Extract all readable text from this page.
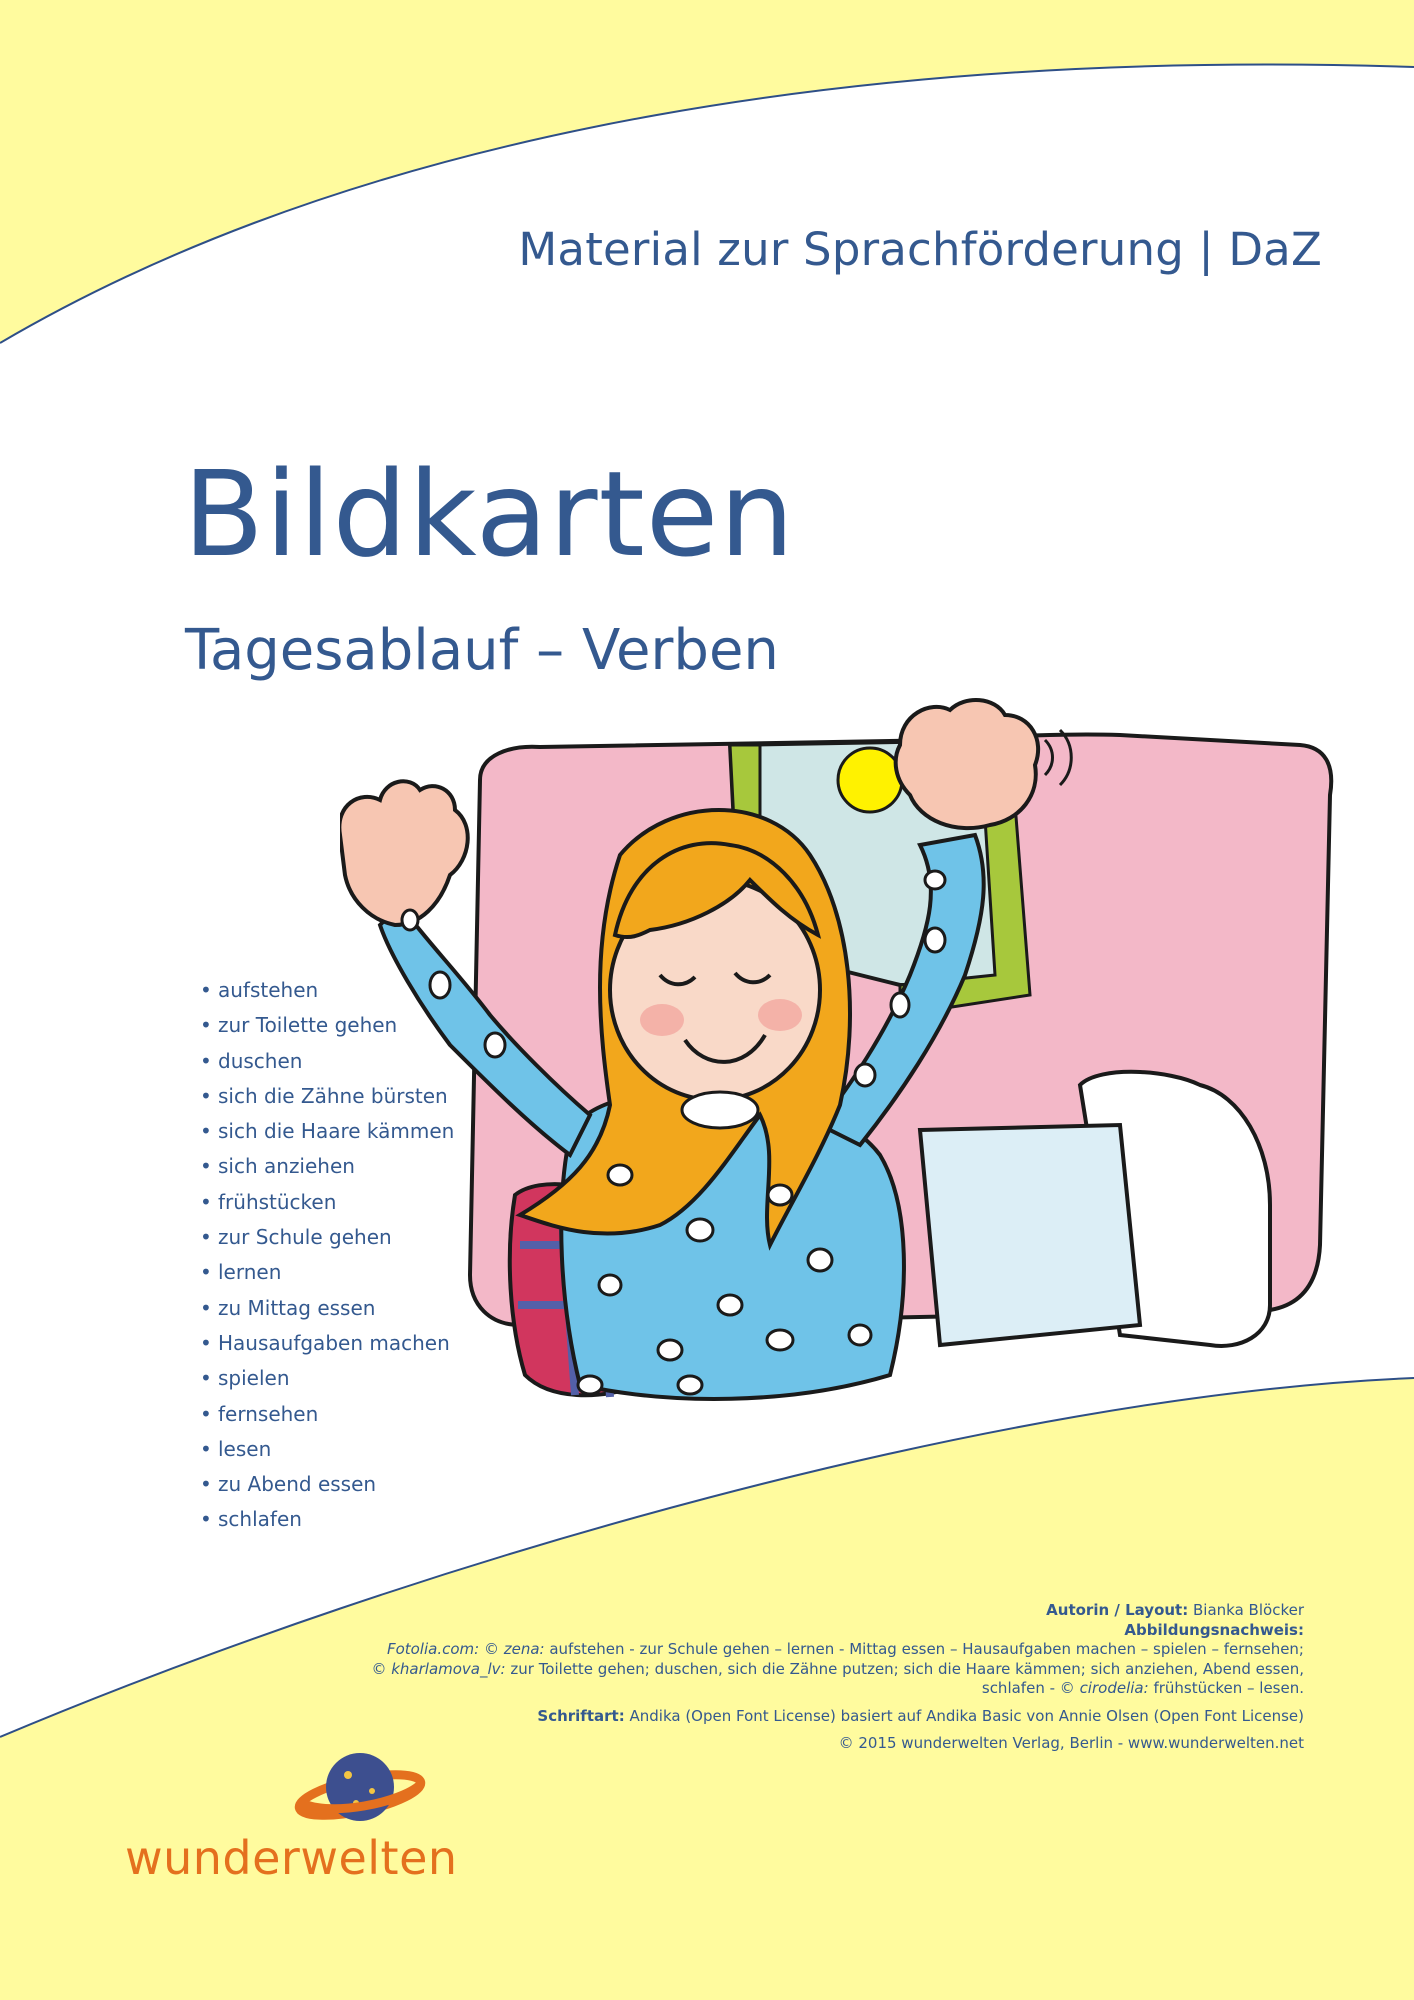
Material zur Sprachförderung | DaZ
Bildkarten
Tagesablauf – Verben
• aufstehen
• zur Toilette gehen
• duschen
• sich die Zähne bürsten
• sich die Haare kämmen
• sich anziehen
• frühstücken
• zur Schule gehen
• lernen
• zu Mittag essen
• Hausaufgaben machen
• spielen
• fernsehen
• lesen
• zu Abend essen
• schlafen

Autorin / Layout: Bianka Blöcker

Abbildungsnachweis:

Fotolia.com: © zena: aufstehen - zur Schule gehen – lernen - Mittag essen – Hausaufgaben machen – spielen – fernsehen;

© kharlamova_lv: zur Toilette gehen; duschen, sich die Zähne putzen; sich die Haare kämmen; sich anziehen, Abend essen,

schlafen - © cirodelia: frühstücken – lesen.

Schriftart: Andika (Open Font License) basiert auf Andika Basic von Annie Olsen (Open Font License)

© 2015 wunderwelten Verlag, Berlin - www.wunderwelten.net

wunderwelten
